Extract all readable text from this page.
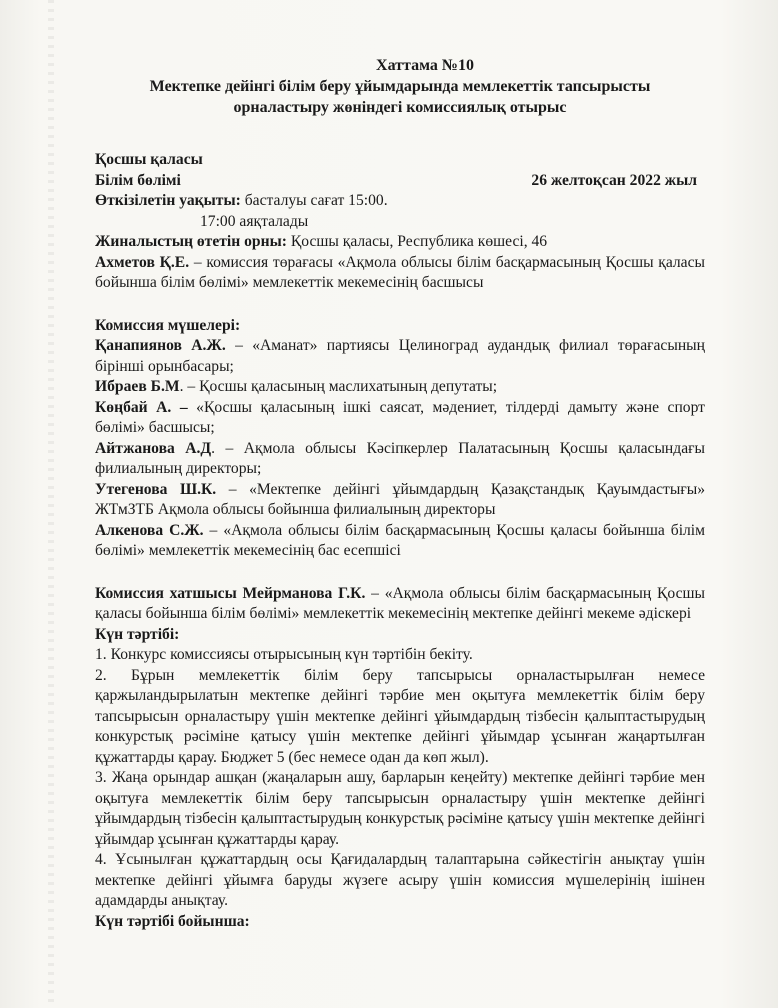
Хаттама №10

Мектепке дейінгі білім беру ұйымдарында мемлекеттік тапсырысты

орналастыру жөніндегі комиссиялық отырыс

Қосшы қаласы

Білім бөлімі	26 желтоқсан 2022 жыл

Өткізілетін уақыты: басталуы сағат 15:00.

17:00 аяқталады

Жиналыстың өтетін орны: Қосшы қаласы, Республика көшесі, 46

Ахметов Қ.Е. – комиссия төрағасы «Ақмола облысы білім басқармасының Қосшы қаласы бойынша білім бөлімі» мемлекеттік мекемесінің басшысы

Комиссия мүшелері:

Қанапиянов А.Ж. – «Аманат» партиясы Целиноград аудандық филиал төрағасының бірінші орынбасары;

Ибраев Б.М. – Қосшы қаласының маслихатының депутаты;

Көңбай А. – «Қосшы қаласының ішкі саясат, мәдениет, тілдерді дамыту және спорт бөлімі» басшысы;

Айтжанова А.Д. – Ақмола облысы Кәсіпкерлер Палатасының Қосшы қаласындағы филиалының директоры;

Утегенова Ш.К. – «Мектепке дейінгі ұйымдардың Қазақстандық Қауымдастығы» ЖТмЗТБ Ақмола облысы бойынша филиалының директоры

Алкенова С.Ж. – «Ақмола облысы білім басқармасының Қосшы қаласы бойынша білім бөлімі» мемлекеттік мекемесінің бас есепшісі

Комиссия хатшысы Мейрманова Г.К. – «Ақмола облысы білім басқармасының Қосшы қаласы бойынша білім бөлімі» мемлекеттік мекемесінің мектепке дейінгі мекеме әдіскері

Күн тәртібі:

1. Конкурс комиссиясы отырысының күн тәртібін бекіту.

2. Бұрын мемлекеттік білім беру тапсырысы орналастырылған немесе қаржыландырылатын мектепке дейінгі тәрбие мен оқытуға мемлекеттік білім беру тапсырысын орналастыру үшін мектепке дейінгі ұйымдардың тізбесін қалыптастырудың конкурстық рәсіміне қатысу үшін мектепке дейінгі ұйымдар ұсынған жаңартылған құжаттарды қарау. Бюджет 5 (бес немесе одан да көп жыл).

3. Жаңа орындар ашқан (жаңаларын ашу, барларын кеңейту) мектепке дейінгі тәрбие мен оқытуға мемлекеттік білім беру тапсырысын орналастыру үшін мектепке дейінгі ұйымдардың тізбесін қалыптастырудың конкурстық рәсіміне қатысу үшін мектепке дейінгі ұйымдар ұсынған құжаттарды қарау.

4. Ұсынылған құжаттардың осы Қағидалардың талаптарына сәйкестігін анықтау үшін мектепке дейінгі ұйымға баруды жүзеге асыру үшін комиссия мүшелерінің ішінен адамдарды анықтау.

Күн тәртібі бойынша:
